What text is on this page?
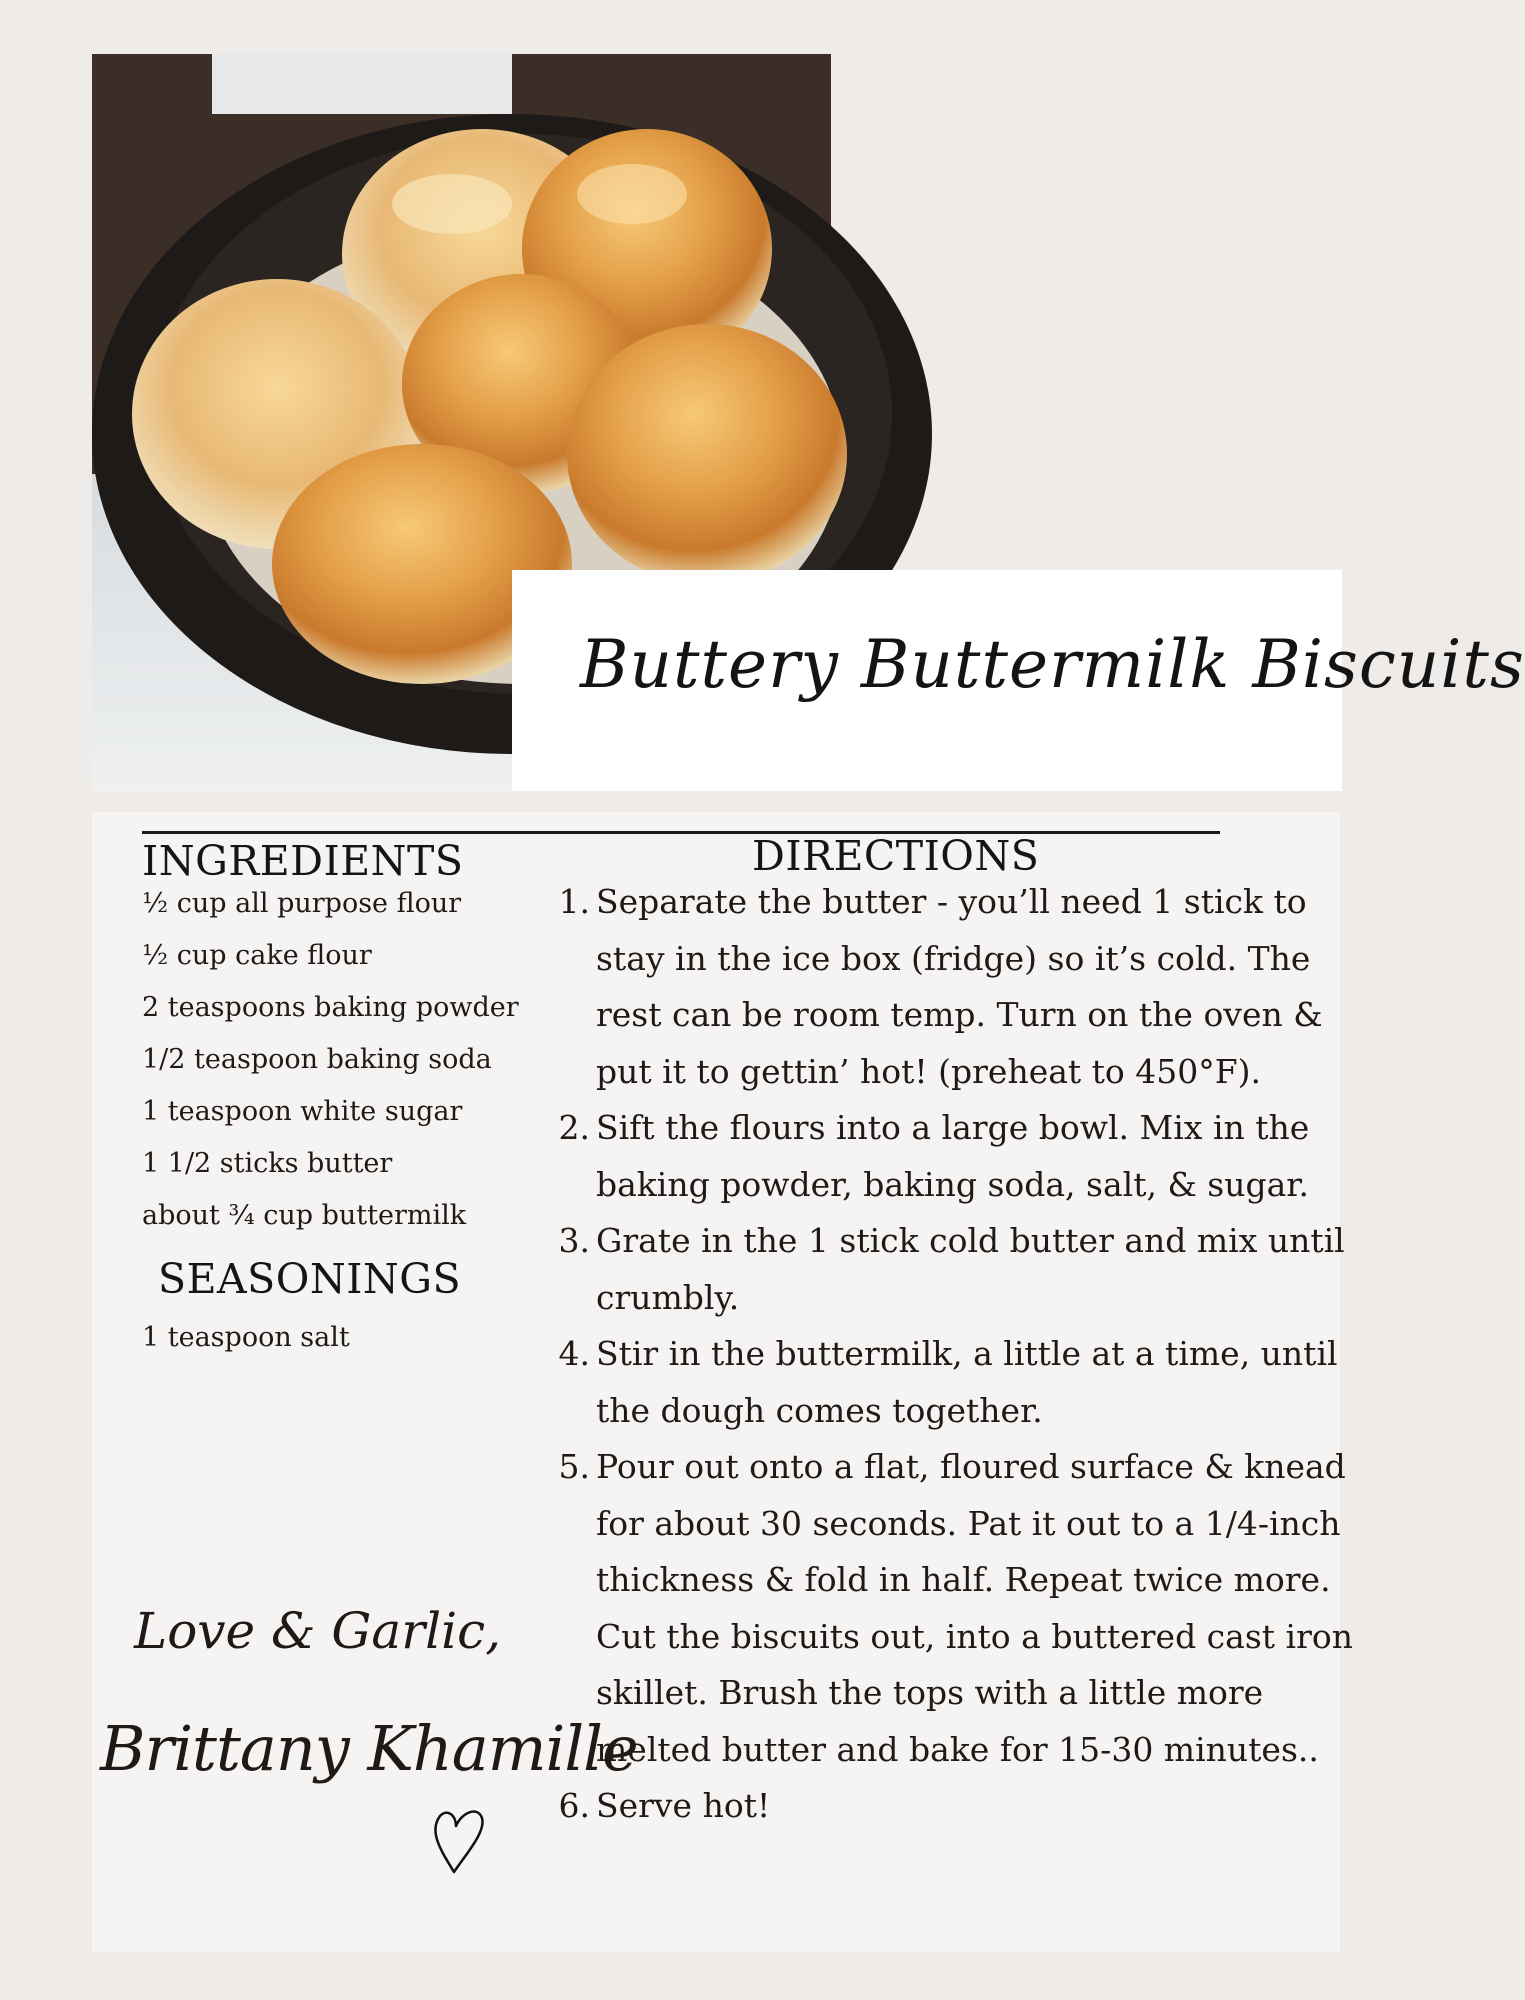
Buttery Buttermilk Biscuits
INGREDIENTS
½ cup all purpose flour
½ cup cake flour
2 teaspoons baking powder
1/2 teaspoon baking soda
1 teaspoon white sugar
1 1/2 sticks butter
about ¾ cup buttermilk
SEASONINGS
1 teaspoon salt
DIRECTIONS
1. Separate the butter - you’ll need 1 stick to
stay in the ice box (fridge) so it’s cold. The
rest can be room temp. Turn on the oven &
put it to gettin’ hot! (preheat to 450°F).
2. Sift the flours into a large bowl. Mix in the
baking powder, baking soda, salt, & sugar.
3. Grate in the 1 stick cold butter and mix until
crumbly.
4. Stir in the buttermilk, a little at a time, until
the dough comes together.
5. Pour out onto a flat, floured surface & knead
for about 30 seconds. Pat it out to a 1/4-inch
thickness & fold in half. Repeat twice more.
Cut the biscuits out, into a buttered cast iron
skillet. Brush the tops with a little more
melted butter and bake for 15-30 minutes..
6. Serve hot!
Love & Garlic,
Brittany Khamille
